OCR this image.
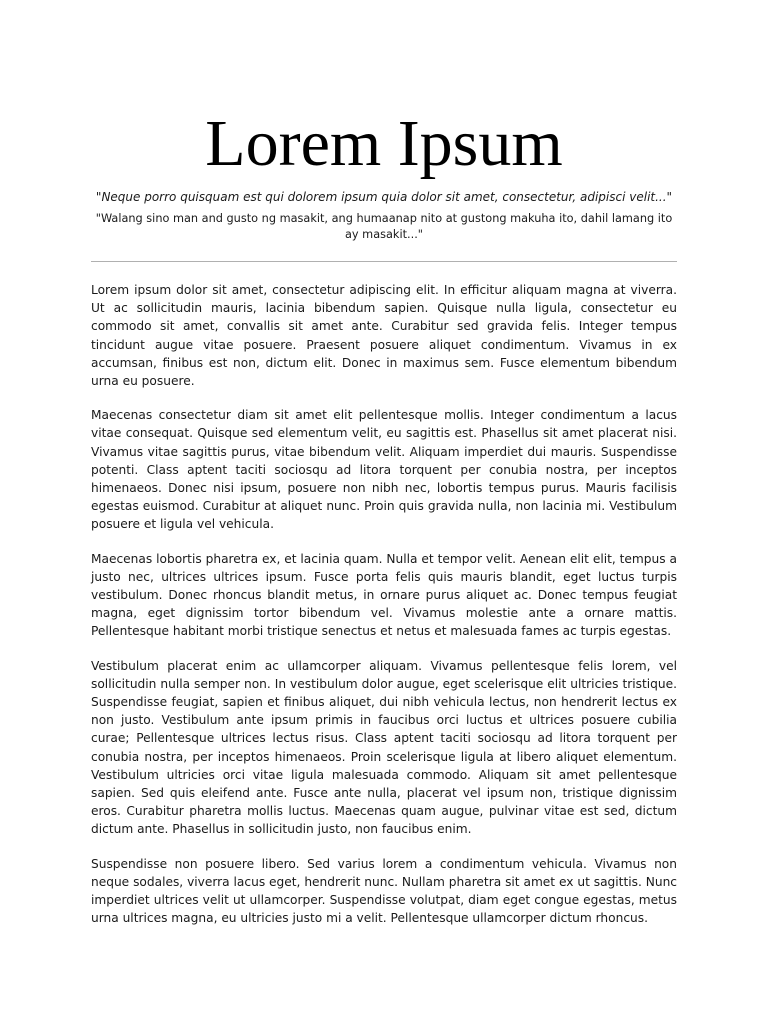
Lorem Ipsum

"Neque porro quisquam est qui dolorem ipsum quia dolor sit amet, consectetur, adipisci velit..."

"Walang sino man and gusto ng masakit, ang humaanap nito at gustong makuha ito, dahil lamang ito ay masakit..."

Lorem ipsum dolor sit amet, consectetur adipiscing elit. In efficitur aliquam magna at viverra. Ut ac sollicitudin mauris, lacinia bibendum sapien. Quisque nulla ligula, consectetur eu commodo sit amet, convallis sit amet ante. Curabitur sed gravida felis. Integer tempus tincidunt augue vitae posuere. Praesent posuere aliquet condimentum. Vivamus in ex accumsan, finibus est non, dictum elit. Donec in maximus sem. Fusce elementum bibendum urna eu posuere.

Maecenas consectetur diam sit amet elit pellentesque mollis. Integer condimentum a lacus vitae consequat. Quisque sed elementum velit, eu sagittis est. Phasellus sit amet placerat nisi. Vivamus vitae sagittis purus, vitae bibendum velit. Aliquam imperdiet dui mauris. Suspendisse potenti. Class aptent taciti sociosqu ad litora torquent per conubia nostra, per inceptos himenaeos. Donec nisi ipsum, posuere non nibh nec, lobortis tempus purus. Mauris facilisis egestas euismod. Curabitur at aliquet nunc. Proin quis gravida nulla, non lacinia mi. Vestibulum posuere et ligula vel vehicula.

Maecenas lobortis pharetra ex, et lacinia quam. Nulla et tempor velit. Aenean elit elit, tempus a justo nec, ultrices ultrices ipsum. Fusce porta felis quis mauris blandit, eget luctus turpis vestibulum. Donec rhoncus blandit metus, in ornare purus aliquet ac. Donec tempus feugiat magna, eget dignissim tortor bibendum vel. Vivamus molestie ante a ornare mattis. Pellentesque habitant morbi tristique senectus et netus et malesuada fames ac turpis egestas.

Vestibulum placerat enim ac ullamcorper aliquam. Vivamus pellentesque felis lorem, vel sollicitudin nulla semper non. In vestibulum dolor augue, eget scelerisque elit ultricies tristique. Suspendisse feugiat, sapien et finibus aliquet, dui nibh vehicula lectus, non hendrerit lectus ex non justo. Vestibulum ante ipsum primis in faucibus orci luctus et ultrices posuere cubilia curae; Pellentesque ultrices lectus risus. Class aptent taciti sociosqu ad litora torquent per conubia nostra, per inceptos himenaeos. Proin scelerisque ligula at libero aliquet elementum. Vestibulum ultricies orci vitae ligula malesuada commodo. Aliquam sit amet pellentesque sapien. Sed quis eleifend ante. Fusce ante nulla, placerat vel ipsum non, tristique dignissim eros. Curabitur pharetra mollis luctus. Maecenas quam augue, pulvinar vitae est sed, dictum dictum ante. Phasellus in sollicitudin justo, non faucibus enim.

Suspendisse non posuere libero. Sed varius lorem a condimentum vehicula. Vivamus non neque sodales, viverra lacus eget, hendrerit nunc. Nullam pharetra sit amet ex ut sagittis. Nunc imperdiet ultrices velit ut ullamcorper. Suspendisse volutpat, diam eget congue egestas, metus urna ultrices magna, eu ultricies justo mi a velit. Pellentesque ullamcorper dictum rhoncus.
